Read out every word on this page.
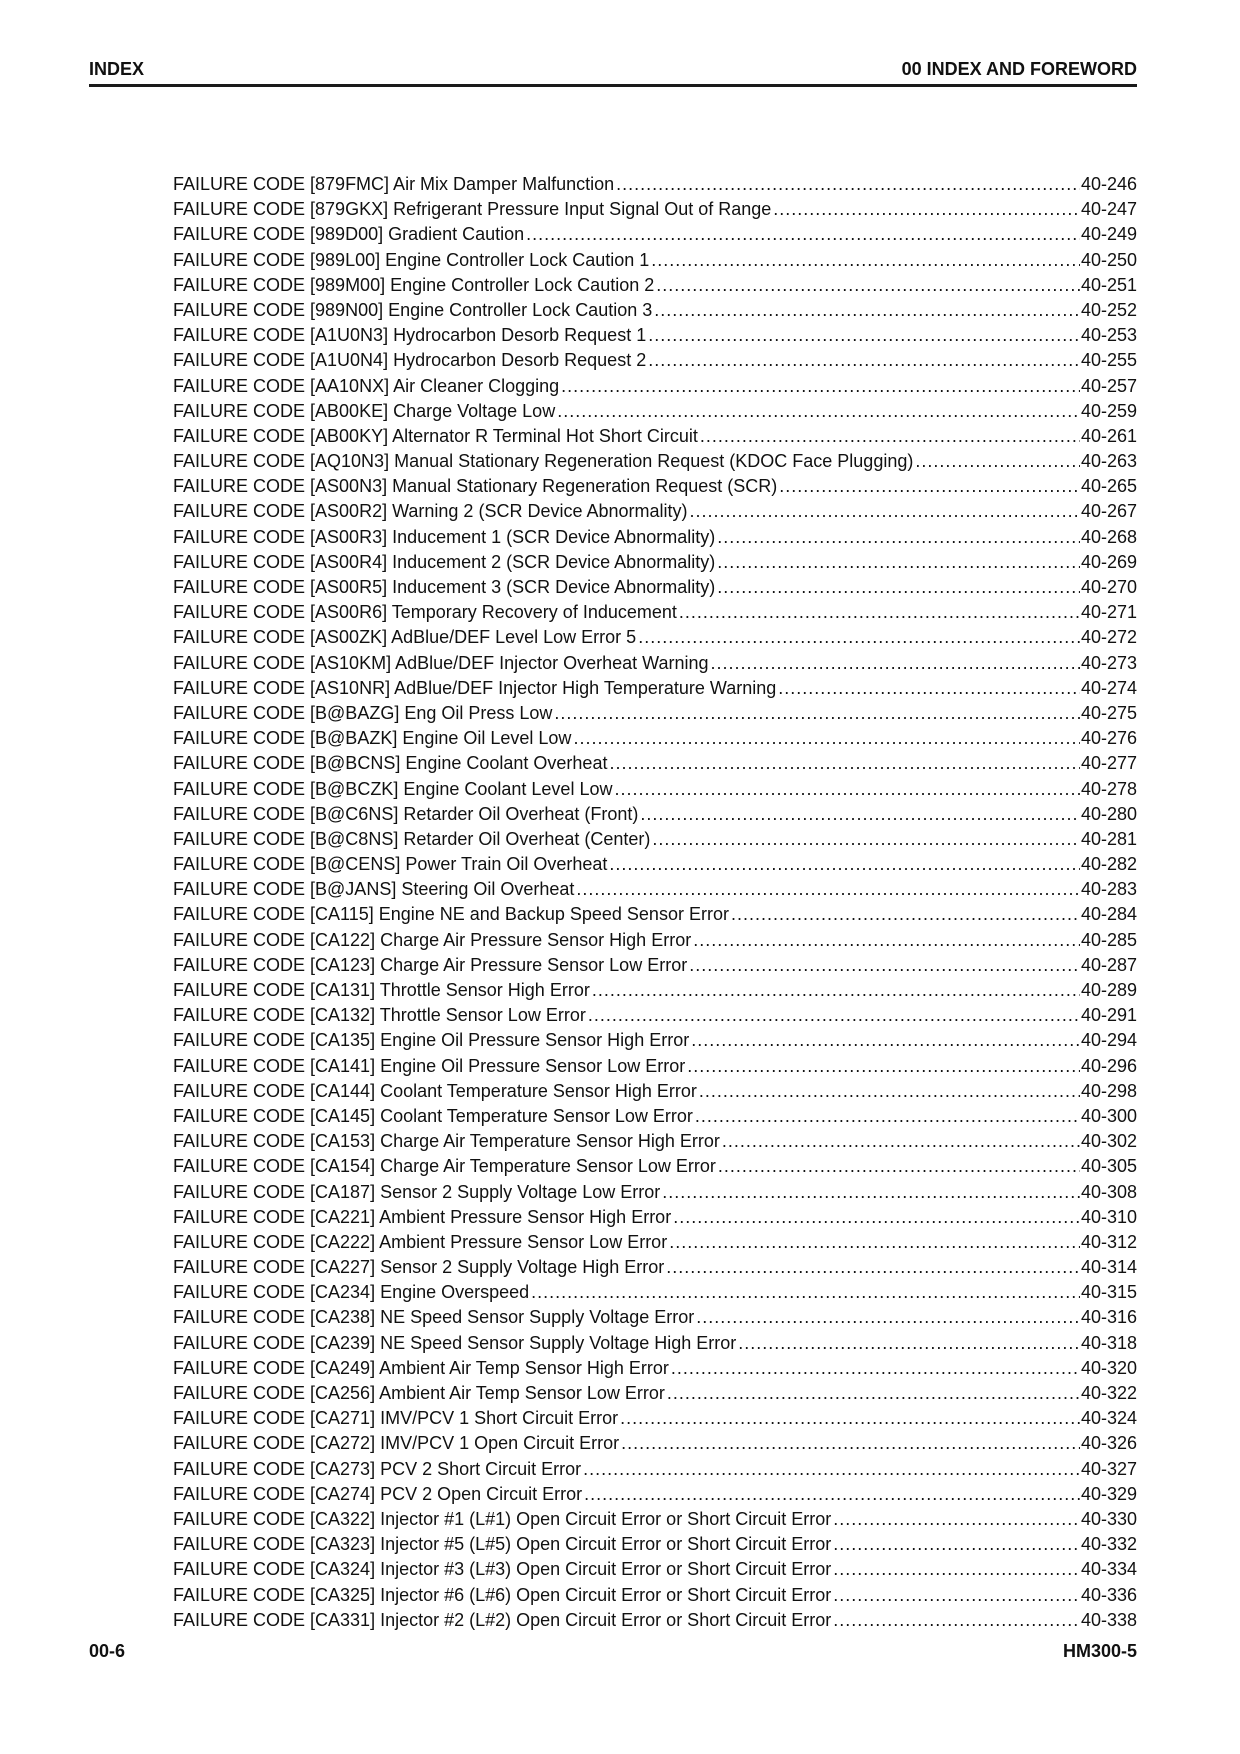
INDEX	00 INDEX AND FOREWORD
FAILURE CODE [879FMC] Air Mix Damper Malfunction .....	40-246
FAILURE CODE [879GKX] Refrigerant Pressure Input Signal Out of Range .....	40-247
FAILURE CODE [989D00] Gradient Caution .....	40-249
FAILURE CODE [989L00] Engine Controller Lock Caution 1 .....	40-250
FAILURE CODE [989M00] Engine Controller Lock Caution 2 .....	40-251
FAILURE CODE [989N00] Engine Controller Lock Caution 3 .....	40-252
FAILURE CODE [A1U0N3] Hydrocarbon Desorb Request 1 .....	40-253
FAILURE CODE [A1U0N4] Hydrocarbon Desorb Request 2 .....	40-255
FAILURE CODE [AA10NX] Air Cleaner Clogging .....	40-257
FAILURE CODE [AB00KE] Charge Voltage Low .....	40-259
FAILURE CODE [AB00KY] Alternator R Terminal Hot Short Circuit .....	40-261
FAILURE CODE [AQ10N3] Manual Stationary Regeneration Request (KDOC Face Plugging) .....	40-263
FAILURE CODE [AS00N3] Manual Stationary Regeneration Request (SCR) .....	40-265
FAILURE CODE [AS00R2] Warning 2 (SCR Device Abnormality) .....	40-267
FAILURE CODE [AS00R3] Inducement 1 (SCR Device Abnormality) .....	40-268
FAILURE CODE [AS00R4] Inducement 2 (SCR Device Abnormality) .....	40-269
FAILURE CODE [AS00R5] Inducement 3 (SCR Device Abnormality) .....	40-270
FAILURE CODE [AS00R6] Temporary Recovery of Inducement .....	40-271
FAILURE CODE [AS00ZK] AdBlue/DEF Level Low Error 5 .....	40-272
FAILURE CODE [AS10KM] AdBlue/DEF Injector Overheat Warning .....	40-273
FAILURE CODE [AS10NR] AdBlue/DEF Injector High Temperature Warning .....	40-274
FAILURE CODE [B@BAZG] Eng Oil Press Low .....	40-275
FAILURE CODE [B@BAZK] Engine Oil Level Low .....	40-276
FAILURE CODE [B@BCNS] Engine Coolant Overheat .....	40-277
FAILURE CODE [B@BCZK] Engine Coolant Level Low .....	40-278
FAILURE CODE [B@C6NS] Retarder Oil Overheat (Front) .....	40-280
FAILURE CODE [B@C8NS] Retarder Oil Overheat (Center) .....	40-281
FAILURE CODE [B@CENS] Power Train Oil Overheat .....	40-282
FAILURE CODE [B@JANS] Steering Oil Overheat .....	40-283
FAILURE CODE [CA115] Engine NE and Backup Speed Sensor Error .....	40-284
FAILURE CODE [CA122] Charge Air Pressure Sensor High Error .....	40-285
FAILURE CODE [CA123] Charge Air Pressure Sensor Low Error .....	40-287
FAILURE CODE [CA131] Throttle Sensor High Error .....	40-289
FAILURE CODE [CA132] Throttle Sensor Low Error .....	40-291
FAILURE CODE [CA135] Engine Oil Pressure Sensor High Error .....	40-294
FAILURE CODE [CA141] Engine Oil Pressure Sensor Low Error .....	40-296
FAILURE CODE [CA144] Coolant Temperature Sensor High Error .....	40-298
FAILURE CODE [CA145] Coolant Temperature Sensor Low Error .....	40-300
FAILURE CODE [CA153] Charge Air Temperature Sensor High Error .....	40-302
FAILURE CODE [CA154] Charge Air Temperature Sensor Low Error .....	40-305
FAILURE CODE [CA187] Sensor 2 Supply Voltage Low Error .....	40-308
FAILURE CODE [CA221] Ambient Pressure Sensor High Error .....	40-310
FAILURE CODE [CA222] Ambient Pressure Sensor Low Error .....	40-312
FAILURE CODE [CA227] Sensor 2 Supply Voltage High Error .....	40-314
FAILURE CODE [CA234] Engine Overspeed .....	40-315
FAILURE CODE [CA238] NE Speed Sensor Supply Voltage Error .....	40-316
FAILURE CODE [CA239] NE Speed Sensor Supply Voltage High Error .....	40-318
FAILURE CODE [CA249] Ambient Air Temp Sensor High Error .....	40-320
FAILURE CODE [CA256] Ambient Air Temp Sensor Low Error .....	40-322
FAILURE CODE [CA271] IMV/PCV 1 Short Circuit Error .....	40-324
FAILURE CODE [CA272] IMV/PCV 1 Open Circuit Error .....	40-326
FAILURE CODE [CA273] PCV 2 Short Circuit Error .....	40-327
FAILURE CODE [CA274] PCV 2 Open Circuit Error .....	40-329
FAILURE CODE [CA322] Injector #1 (L#1) Open Circuit Error or Short Circuit Error .....	40-330
FAILURE CODE [CA323] Injector #5 (L#5) Open Circuit Error or Short Circuit Error .....	40-332
FAILURE CODE [CA324] Injector #3 (L#3) Open Circuit Error or Short Circuit Error .....	40-334
FAILURE CODE [CA325] Injector #6 (L#6) Open Circuit Error or Short Circuit Error .....	40-336
FAILURE CODE [CA331] Injector #2 (L#2) Open Circuit Error or Short Circuit Error .....	40-338
00-6	HM300-5
